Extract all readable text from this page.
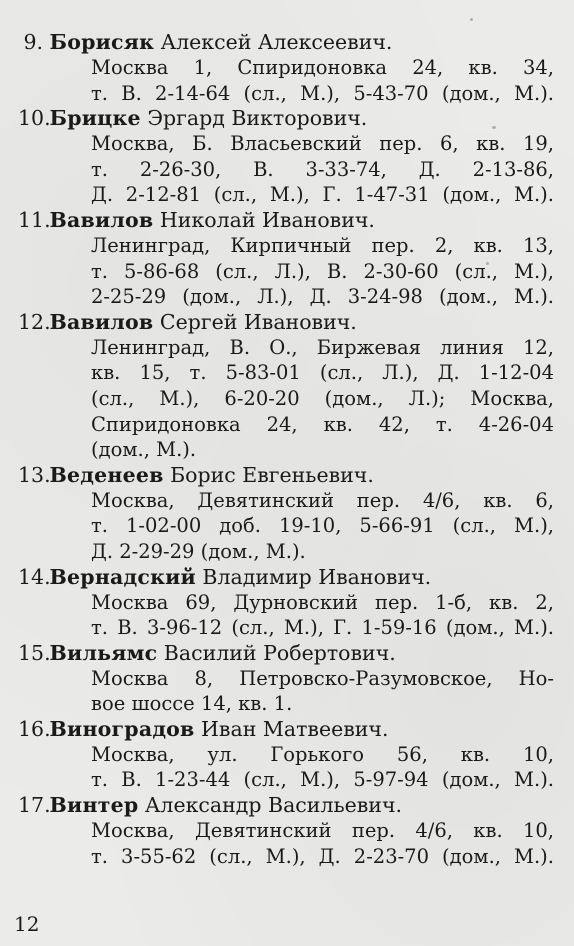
9. Борисяк Алексей Алексеевич.
Москва 1, Спиридоновка 24, кв. 34,
т. В. 2-14-64 (сл., М.), 5-43-70 (дом., М.).
10. Брицке Эргард Викторович.
Москва, Б. Власьевский пер. 6, кв. 19,
т. 2-26-30, В. 3-33-74, Д. 2-13-86,
Д. 2-12-81 (сл., М.), Г. 1-47-31 (дом., М.).
11. Вавилов Николай Иванович.
Ленинград, Кирпичный пер. 2, кв. 13,
т. 5-86-68 (сл., Л.), В. 2-30-60 (сл., М.),
2-25-29 (дом., Л.), Д. 3-24-98 (дом., М.).
12. Вавилов Сергей Иванович.
Ленинград, В. О., Биржевая линия 12,
кв. 15, т. 5-83-01 (сл., Л.), Д. 1-12-04
(сл., М.), 6-20-20 (дом., Л.); Москва,
Спиридоновка 24, кв. 42, т. 4-26-04
(дом., М.).
13. Веденеев Борис Евгеньевич.
Москва, Девятинский пер. 4/6, кв. 6,
т. 1-02-00 доб. 19-10, 5-66-91 (сл., М.),
Д. 2-29-29 (дом., М.).
14. Вернадский Владимир Иванович.
Москва 69, Дурновский пер. 1-б, кв. 2,
т. В. 3-96-12 (сл., М.), Г. 1-59-16 (дом., М.).
15. Вильямс Василий Робертович.
Москва 8, Петровско-Разумовское, Но-
вое шоссе 14, кв. 1.
16. Виноградов Иван Матвеевич.
Москва, ул. Горького 56, кв. 10,
т. В. 1-23-44 (сл., М.), 5-97-94 (дом., М.).
17. Винтер Александр Васильевич.
Москва, Девятинский пер. 4/6, кв. 10,
т. 3-55-62 (сл., М.), Д. 2-23-70 (дом., М.).
12
